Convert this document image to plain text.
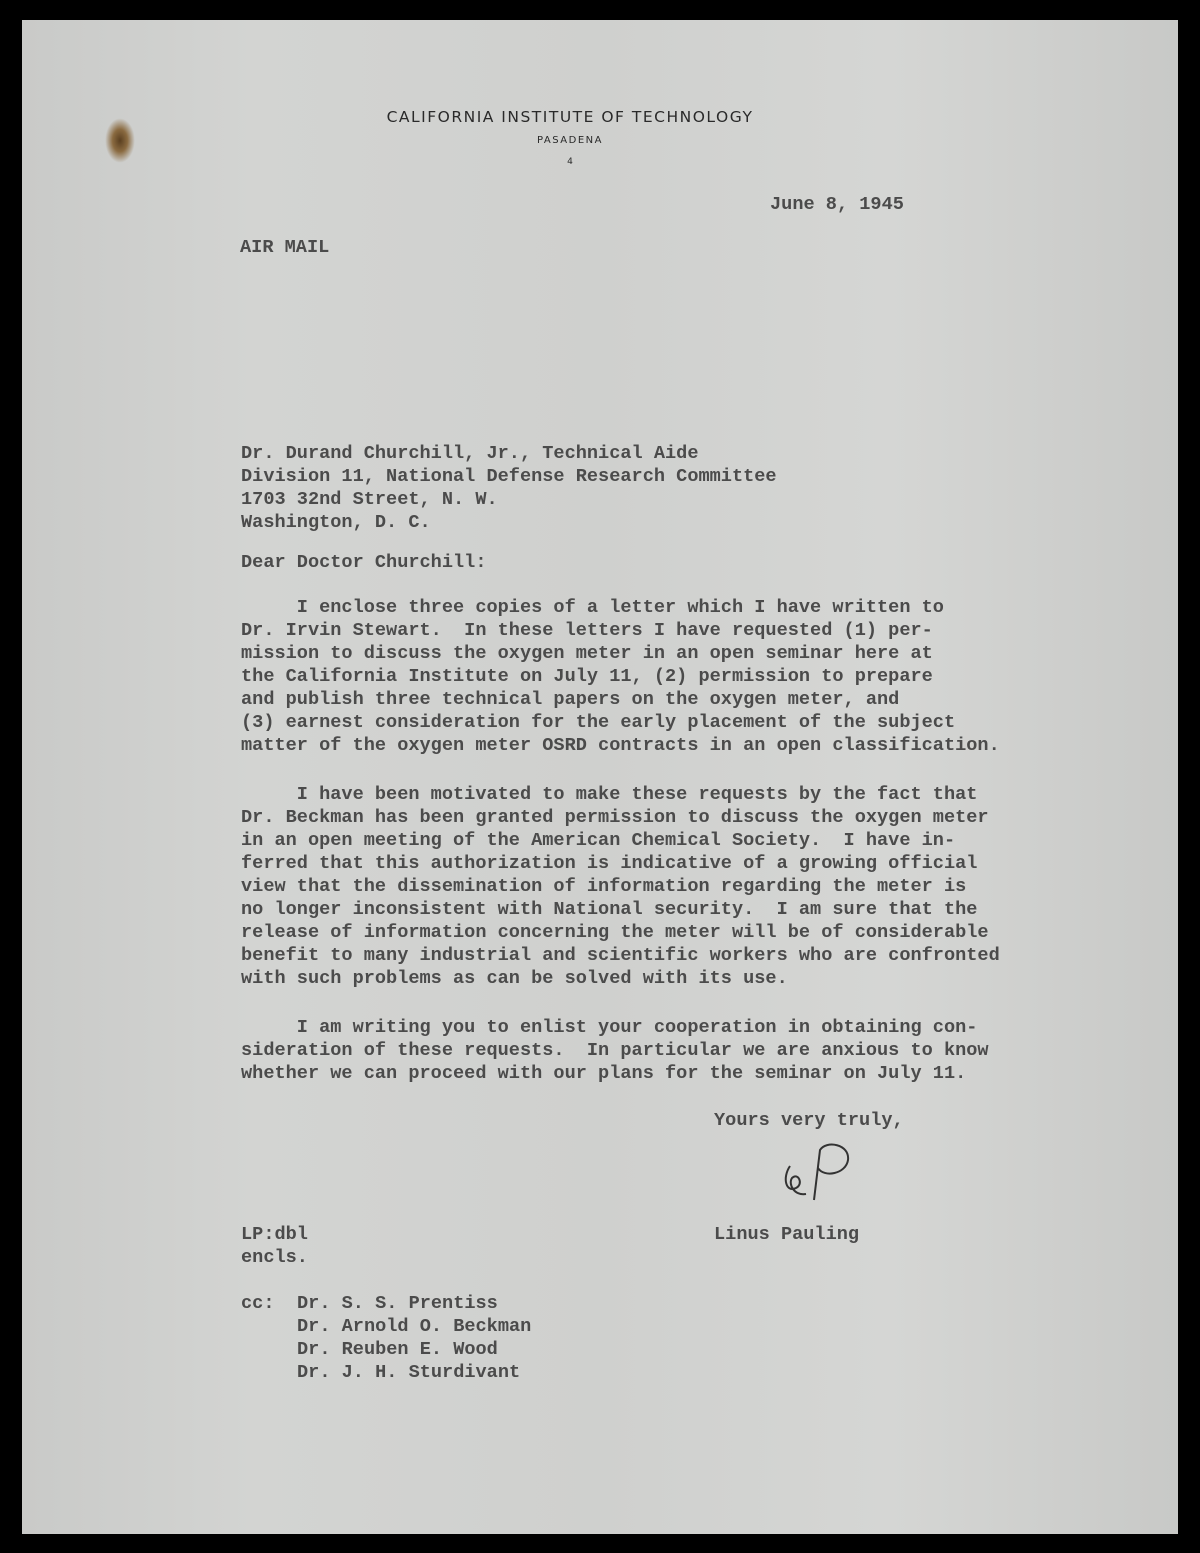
CALIFORNIA INSTITUTE OF TECHNOLOGY
PASADENA
4
June 8, 1945
AIR MAIL
Dr. Durand Churchill, Jr., Technical Aide
Division 11, National Defense Research Committee
1703 32nd Street, N. W.
Washington, D. C.
Dear Doctor Churchill:
I enclose three copies of a letter which I have written to
Dr. Irvin Stewart.  In these letters I have requested (1) per-
mission to discuss the oxygen meter in an open seminar here at
the California Institute on July 11, (2) permission to prepare
and publish three technical papers on the oxygen meter, and
(3) earnest consideration for the early placement of the subject
matter of the oxygen meter OSRD contracts in an open classification.
I have been motivated to make these requests by the fact that
Dr. Beckman has been granted permission to discuss the oxygen meter
in an open meeting of the American Chemical Society.  I have in-
ferred that this authorization is indicative of a growing official
view that the dissemination of information regarding the meter is
no longer inconsistent with National security.  I am sure that the
release of information concerning the meter will be of considerable
benefit to many industrial and scientific workers who are confronted
with such problems as can be solved with its use.
I am writing you to enlist your cooperation in obtaining con-
sideration of these requests.  In particular we are anxious to know
whether we can proceed with our plans for the seminar on July 11.
Yours very truly,
Linus Pauling
LP:dbl
encls.
cc: Dr. S. S. Prentiss
Dr. Arnold O. Beckman
Dr. Reuben E. Wood
Dr. J. H. Sturdivant
